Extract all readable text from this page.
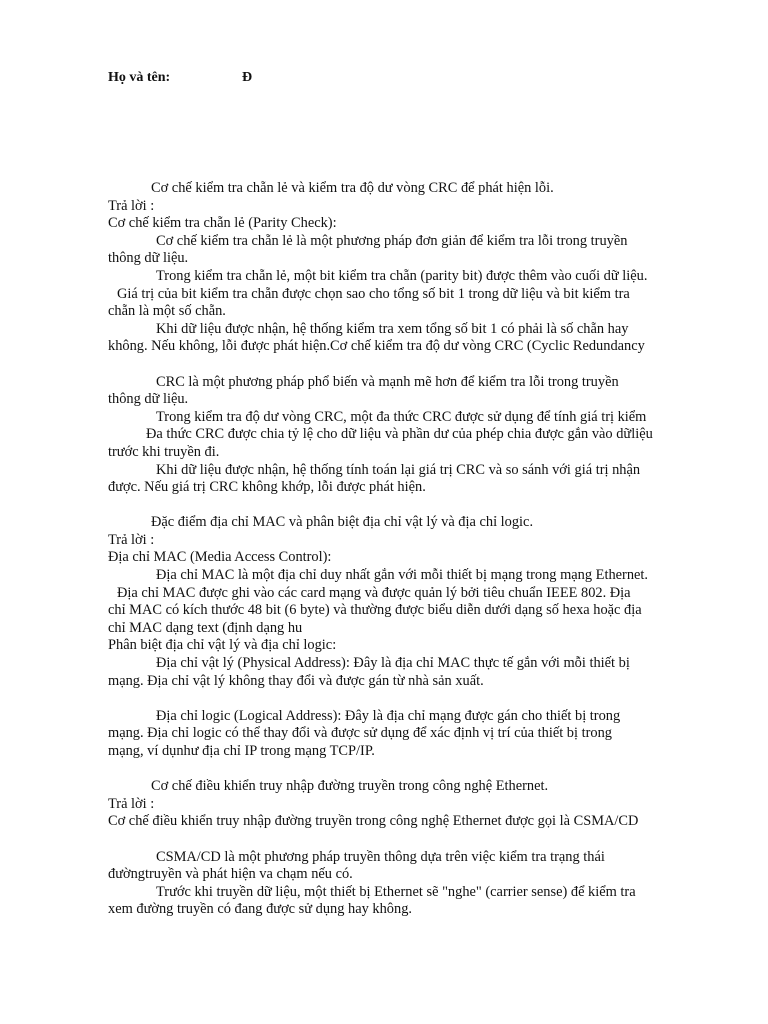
Họ và tên:	Đ
Cơ chế kiểm tra chẵn lẻ và kiểm tra độ dư vòng CRC để phát hiện lỗi.
Trả lời :
Cơ chế kiểm tra chẵn lẻ (Parity Check):
Cơ chế kiểm tra chẵn lẻ là một phương pháp đơn giản để kiểm tra lỗi trong truyền
thông dữ liệu.
Trong kiểm tra chẵn lẻ, một bit kiểm tra chẵn (parity bit) được thêm vào cuối dữ liệu.
Giá trị của bit kiểm tra chẵn được chọn sao cho tổng số bit 1 trong dữ liệu và bit kiểm tra
chẵn là một số chẵn.
Khi dữ liệu được nhận, hệ thống kiểm tra xem tổng số bit 1 có phải là số chẵn hay
không. Nếu không, lỗi được phát hiện.Cơ chế kiểm tra độ dư vòng CRC (Cyclic Redundancy
CRC là một phương pháp phổ biến và mạnh mẽ hơn để kiểm tra lỗi trong truyền
thông dữ liệu.
Trong kiểm tra độ dư vòng CRC, một đa thức CRC được sử dụng để tính giá trị kiểm
Đa thức CRC được chia tỷ lệ cho dữ liệu và phần dư của phép chia được gắn vào dữliệu
trước khi truyền đi.
Khi dữ liệu được nhận, hệ thống tính toán lại giá trị CRC và so sánh với giá trị nhận
được. Nếu giá trị CRC không khớp, lỗi được phát hiện.
Đặc điểm địa chỉ MAC và phân biệt địa chỉ vật lý và địa chỉ logic.
Trả lời :
Địa chỉ MAC (Media Access Control):
Địa chỉ MAC là một địa chỉ duy nhất gắn với mỗi thiết bị mạng trong mạng Ethernet.
Địa chỉ MAC được ghi vào các card mạng và được quản lý bởi tiêu chuẩn IEEE 802. Địa
chỉ MAC có kích thước 48 bit (6 byte) và thường được biểu diễn dưới dạng số hexa hoặc địa
chỉ MAC dạng text (định dạng hu
Phân biệt địa chỉ vật lý và địa chỉ logic:
Địa chỉ vật lý (Physical Address): Đây là địa chỉ MAC thực tế gắn với mỗi thiết bị
mạng. Địa chỉ vật lý không thay đổi và được gán từ nhà sản xuất.
Địa chỉ logic (Logical Address): Đây là địa chỉ mạng được gán cho thiết bị trong
mạng. Địa chỉ logic có thể thay đổi và được sử dụng để xác định vị trí của thiết bị trong
mạng, ví dụnhư địa chỉ IP trong mạng TCP/IP.
Cơ chế điều khiển truy nhập đường truyền trong công nghệ Ethernet.
Trả lời :
Cơ chế điều khiển truy nhập đường truyền trong công nghệ Ethernet được gọi là CSMA/CD
CSMA/CD là một phương pháp truyền thông dựa trên việc kiểm tra trạng thái
đườngtruyền và phát hiện va chạm nếu có.
Trước khi truyền dữ liệu, một thiết bị Ethernet sẽ "nghe" (carrier sense) để kiểm tra
xem đường truyền có đang được sử dụng hay không.
